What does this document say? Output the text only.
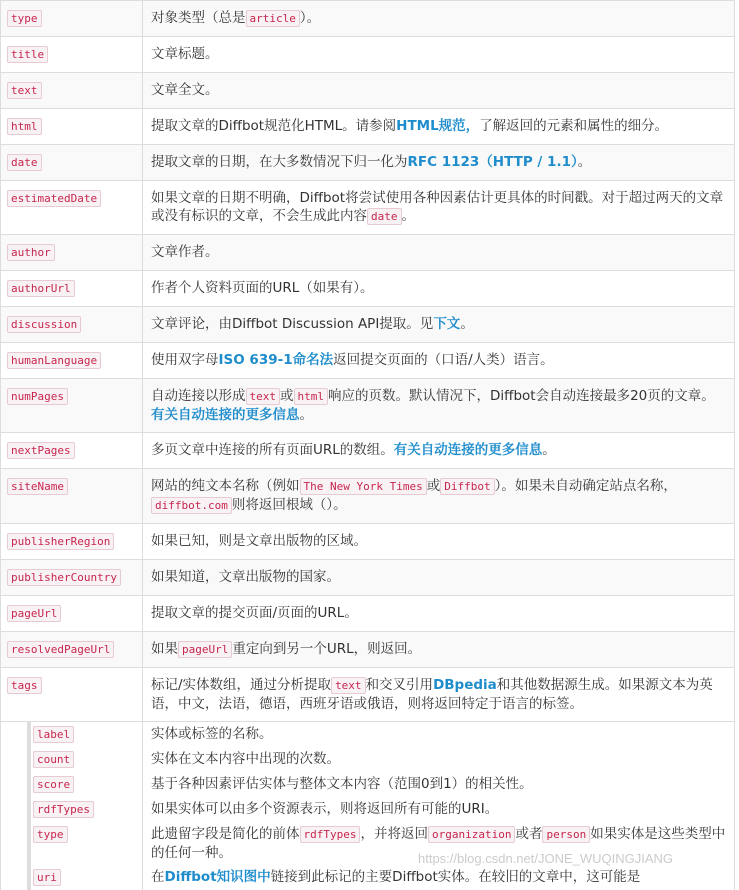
type	对象类型（总是 article ）。
title	文章标题。
text	文章全文。
html	提取文章的Diffbot规范化HTML。请参阅HTML规范，了解返回的元素和属性的细分。
date	提取文章的日期，在大多数情况下归一化为RFC 1123（HTTP / 1.1）。
estimatedDate	如果文章的日期不明确，Diffbot将尝试使用各种因素估计更具体的时间戳。对于超过两天的文章或没有标识的文章，不会生成此内容 date 。
author	文章作者。
authorUrl	作者个人资料页面的URL（如果有）。
discussion	文章评论，由Diffbot Discussion API提取。见下文。
humanLanguage	使用双字母ISO 639-1命名法返回提交页面的（口语/人类）语言。
numPages	自动连接以形成 text 或 html 响应的页数。默认情况下，Diffbot会自动连接最多20页的文章。有关自动连接的更多信息。
nextPages	多页文章中连接的所有页面URL的数组。有关自动连接的更多信息。
siteName	网站的纯文本名称（例如 The New York Times 或 Diffbot ）。如果未自动确定站点名称，diffbot.com 则将返回根域（）。
publisherRegion	如果已知，则是文章出版物的区域。
publisherCountry	如果知道，文章出版物的国家。
pageUrl	提取文章的提交页面/页面的URL。
resolvedPageUrl	如果 pageUrl 重定向到另一个URL，则返回。
tags	标记/实体数组，通过分析提取 text 和交叉引用DBpedia和其他数据源生成。如果源文本为英语，中文，法语，德语，西班牙语或俄语，则将返回特定于语言的标签。
label	实体或标签的名称。
count	实体在文本内容中出现的次数。
score	基于各种因素评估实体与整体文本内容（范围0到1）的相关性。
rdfTypes	如果实体可以由多个资源表示，则将返回所有可能的URI。
type	此遗留字段是简化的前体 rdfTypes ，并将返回 organization 或者 person 如果实体是这些类型中的任何一种。
uri	在Diffbot知识图中链接到此标记的主要Diffbot实体。在较旧的文章中，这可能是
https://blog.csdn.net/JONE_WUQINGJIANG
